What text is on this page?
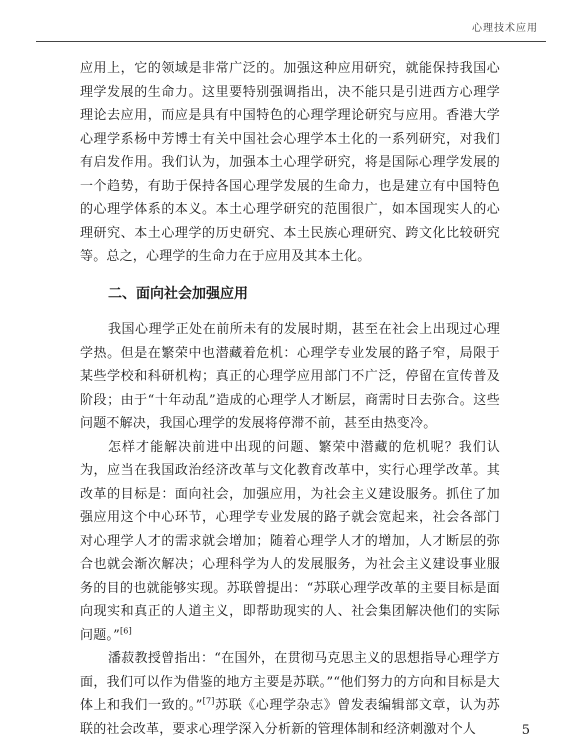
心理技术应用

应用上，它的领域是非常广泛的。加强这种应用研究，就能保持我国心理学发展的生命力。这里要特别强调指出，决不能只是引进西方心理学理论去应用，而应是具有中国特色的心理学理论研究与应用。香港大学心理学系杨中芳博士有关中国社会心理学本土化的一系列研究，对我们有启发作用。我们认为，加强本土心理学研究，将是国际心理学发展的一个趋势，有助于保持各国心理学发展的生命力，也是建立有中国特色的心理学体系的本义。本土心理学研究的范围很广，如本国现实人的心理研究、本土心理学的历史研究、本土民族心理研究、跨文化比较研究等。总之，心理学的生命力在于应用及其本土化。

二、面向社会加强应用

我国心理学正处在前所未有的发展时期，甚至在社会上出现过心理学热。但是在繁荣中也潜藏着危机：心理学专业发展的路子窄，局限于某些学校和科研机构；真正的心理学应用部门不广泛，停留在宣传普及阶段；由于“十年动乱”造成的心理学人才断层，商需时日去弥合。这些问题不解决，我国心理学的发展将停滞不前，甚至由热变冷。

怎样才能解决前进中出现的问题、繁荣中潜藏的危机呢？我们认为，应当在我国政治经济改革与文化教育改革中，实行心理学改革。其改革的目标是：面向社会，加强应用，为社会主义建设服务。抓住了加强应用这个中心环节，心理学专业发展的路子就会宽起来，社会各部门对心理学人才的需求就会增加；随着心理学人才的增加，人才断层的弥合也就会渐次解决；心理科学为人的发展服务，为社会主义建设事业服务的目的也就能够实现。苏联曾提出：“苏联心理学改革的主要目标是面向现实和真正的人道主义，即帮助现实的人、社会集团解决他们的实际问题。”[6]

潘菽教授曾指出：“在国外，在贯彻马克思主义的思想指导心理学方面，我们可以作为借鉴的地方主要是苏联。”“他们努力的方向和目标是大体上和我们一致的。”[7]苏联《心理学杂志》曾发表编辑部文章，认为苏联的社会改革，要求心理学深入分析新的管理体制和经济刺激对个人	5
